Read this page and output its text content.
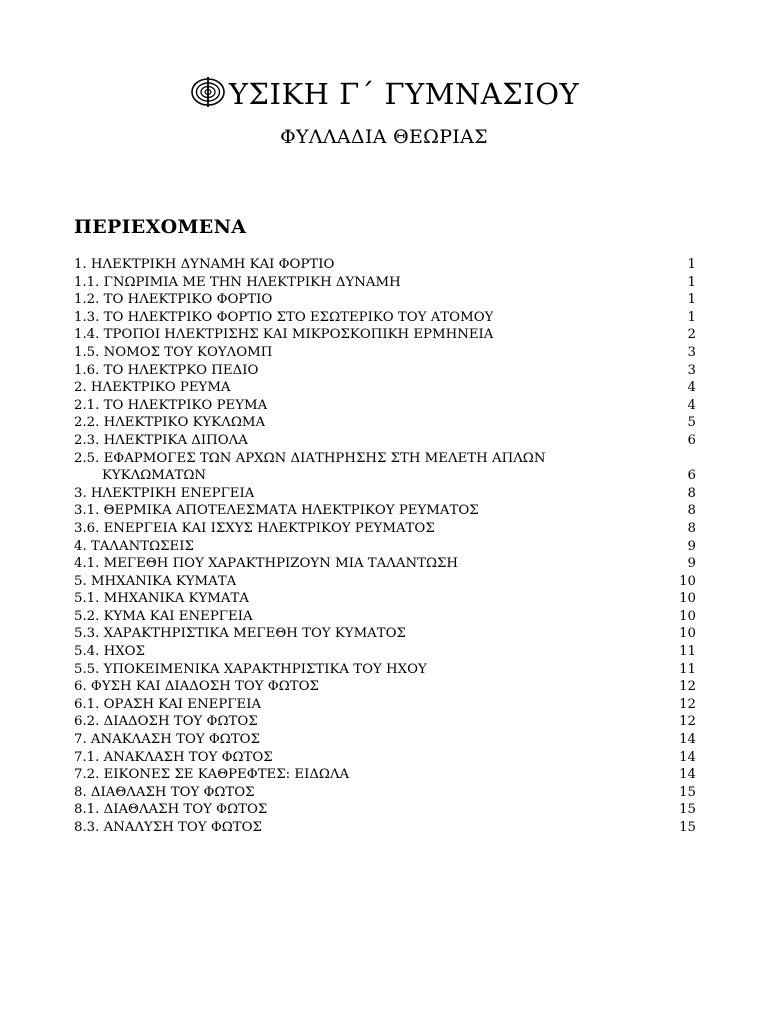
ΥΣΙΚΗ Γ΄ ΓΥΜΝΑΣΙΟΥ
ΦΥΛΛΑΔΙΑ ΘΕΩΡΙΑΣ
ΠΕΡΙΕΧΟΜΕΝΑ
1. ΗΛΕΚΤΡΙΚΗ ΔΥΝΑΜΗ ΚΑΙ ΦΟΡΤΙΟ	1
1.1. ΓΝΩΡΙΜΙΑ ΜΕ ΤΗΝ ΗΛΕΚΤΡΙΚΗ ΔΥΝΑΜΗ	1
1.2. ΤΟ ΗΛΕΚΤΡΙΚΟ ΦΟΡΤΙΟ	1
1.3. ΤΟ ΗΛΕΚΤΡΙΚΟ ΦΟΡΤΙΟ ΣΤΟ ΕΣΩΤΕΡΙΚΟ ΤΟΥ ΑΤΟΜΟΥ	1
1.4. ΤΡΟΠΟΙ ΗΛΕΚΤΡΙΣΗΣ ΚΑΙ ΜΙΚΡΟΣΚΟΠΙΚΗ ΕΡΜΗΝΕΙΑ	2
1.5. ΝΟΜΟΣ ΤΟΥ ΚΟΥΛΟΜΠ	3
1.6. ΤΟ ΗΛΕΚΤΡΚΟ ΠΕΔΙΟ	3
2. ΗΛΕΚΤΡΙΚΟ ΡΕΥΜΑ	4
2.1. ΤΟ ΗΛΕΚΤΡΙΚΟ ΡΕΥΜΑ	4
2.2. ΗΛΕΚΤΡΙΚΟ ΚΥΚΛΩΜΑ	5
2.3. ΗΛΕΚΤΡΙΚΑ ΔΙΠΟΛΑ	6
2.5. ΕΦΑΡΜΟΓΕΣ ΤΩΝ ΑΡΧΩΝ ΔΙΑΤΗΡΗΣΗΣ ΣΤΗ ΜΕΛΕΤΗ ΑΠΛΩΝ
ΚΥΚΛΩΜΑΤΩΝ	6
3. ΗΛΕΚΤΡΙΚΗ ΕΝΕΡΓΕΙΑ	8
3.1. ΘΕΡΜΙΚΑ ΑΠΟΤΕΛΕΣΜΑΤΑ ΗΛΕΚΤΡΙΚΟΥ ΡΕΥΜΑΤΟΣ	8
3.6. ΕΝΕΡΓΕΙΑ ΚΑΙ ΙΣΧΥΣ ΗΛΕΚΤΡΙΚΟΥ ΡΕΥΜΑΤΟΣ	8
4. ΤΑΛΑΝΤΩΣΕΙΣ	9
4.1. ΜΕΓΕΘΗ ΠΟΥ ΧΑΡΑΚΤΗΡΙΖΟΥΝ ΜΙΑ ΤΑΛΑΝΤΩΣΗ	9
5. ΜΗΧΑΝΙΚΑ ΚΥΜΑΤΑ	10
5.1. ΜΗΧΑΝΙΚΑ ΚΥΜΑΤΑ	10
5.2. ΚΥΜΑ ΚΑΙ ΕΝΕΡΓΕΙΑ	10
5.3. ΧΑΡΑΚΤΗΡΙΣΤΙΚΑ ΜΕΓΕΘΗ ΤΟΥ ΚΥΜΑΤΟΣ	10
5.4. ΗΧΟΣ	11
5.5. ΥΠΟΚΕΙΜΕΝΙΚΑ ΧΑΡΑΚΤΗΡΙΣΤΙΚΑ ΤΟΥ ΗΧΟΥ	11
6. ΦΥΣΗ ΚΑΙ ΔΙΑΔΟΣΗ ΤΟΥ ΦΩΤΟΣ	12
6.1. ΟΡΑΣΗ ΚΑΙ ΕΝΕΡΓΕΙΑ	12
6.2. ΔΙΑΔΟΣΗ ΤΟΥ ΦΩΤΟΣ	12
7. ΑΝΑΚΛΑΣΗ ΤΟΥ ΦΩΤΟΣ	14
7.1. ΑΝΑΚΛΑΣΗ ΤΟΥ ΦΩΤΟΣ	14
7.2. ΕΙΚΟΝΕΣ ΣΕ ΚΑΘΡΕΦΤΕΣ: ΕΙΔΩΛΑ	14
8. ΔΙΑΘΛΑΣΗ ΤΟΥ ΦΩΤΟΣ	15
8.1. ΔΙΑΘΛΑΣΗ ΤΟΥ ΦΩΤΟΣ	15
8.3. ΑΝΑΛΥΣΗ ΤΟΥ ΦΩΤΟΣ	15
